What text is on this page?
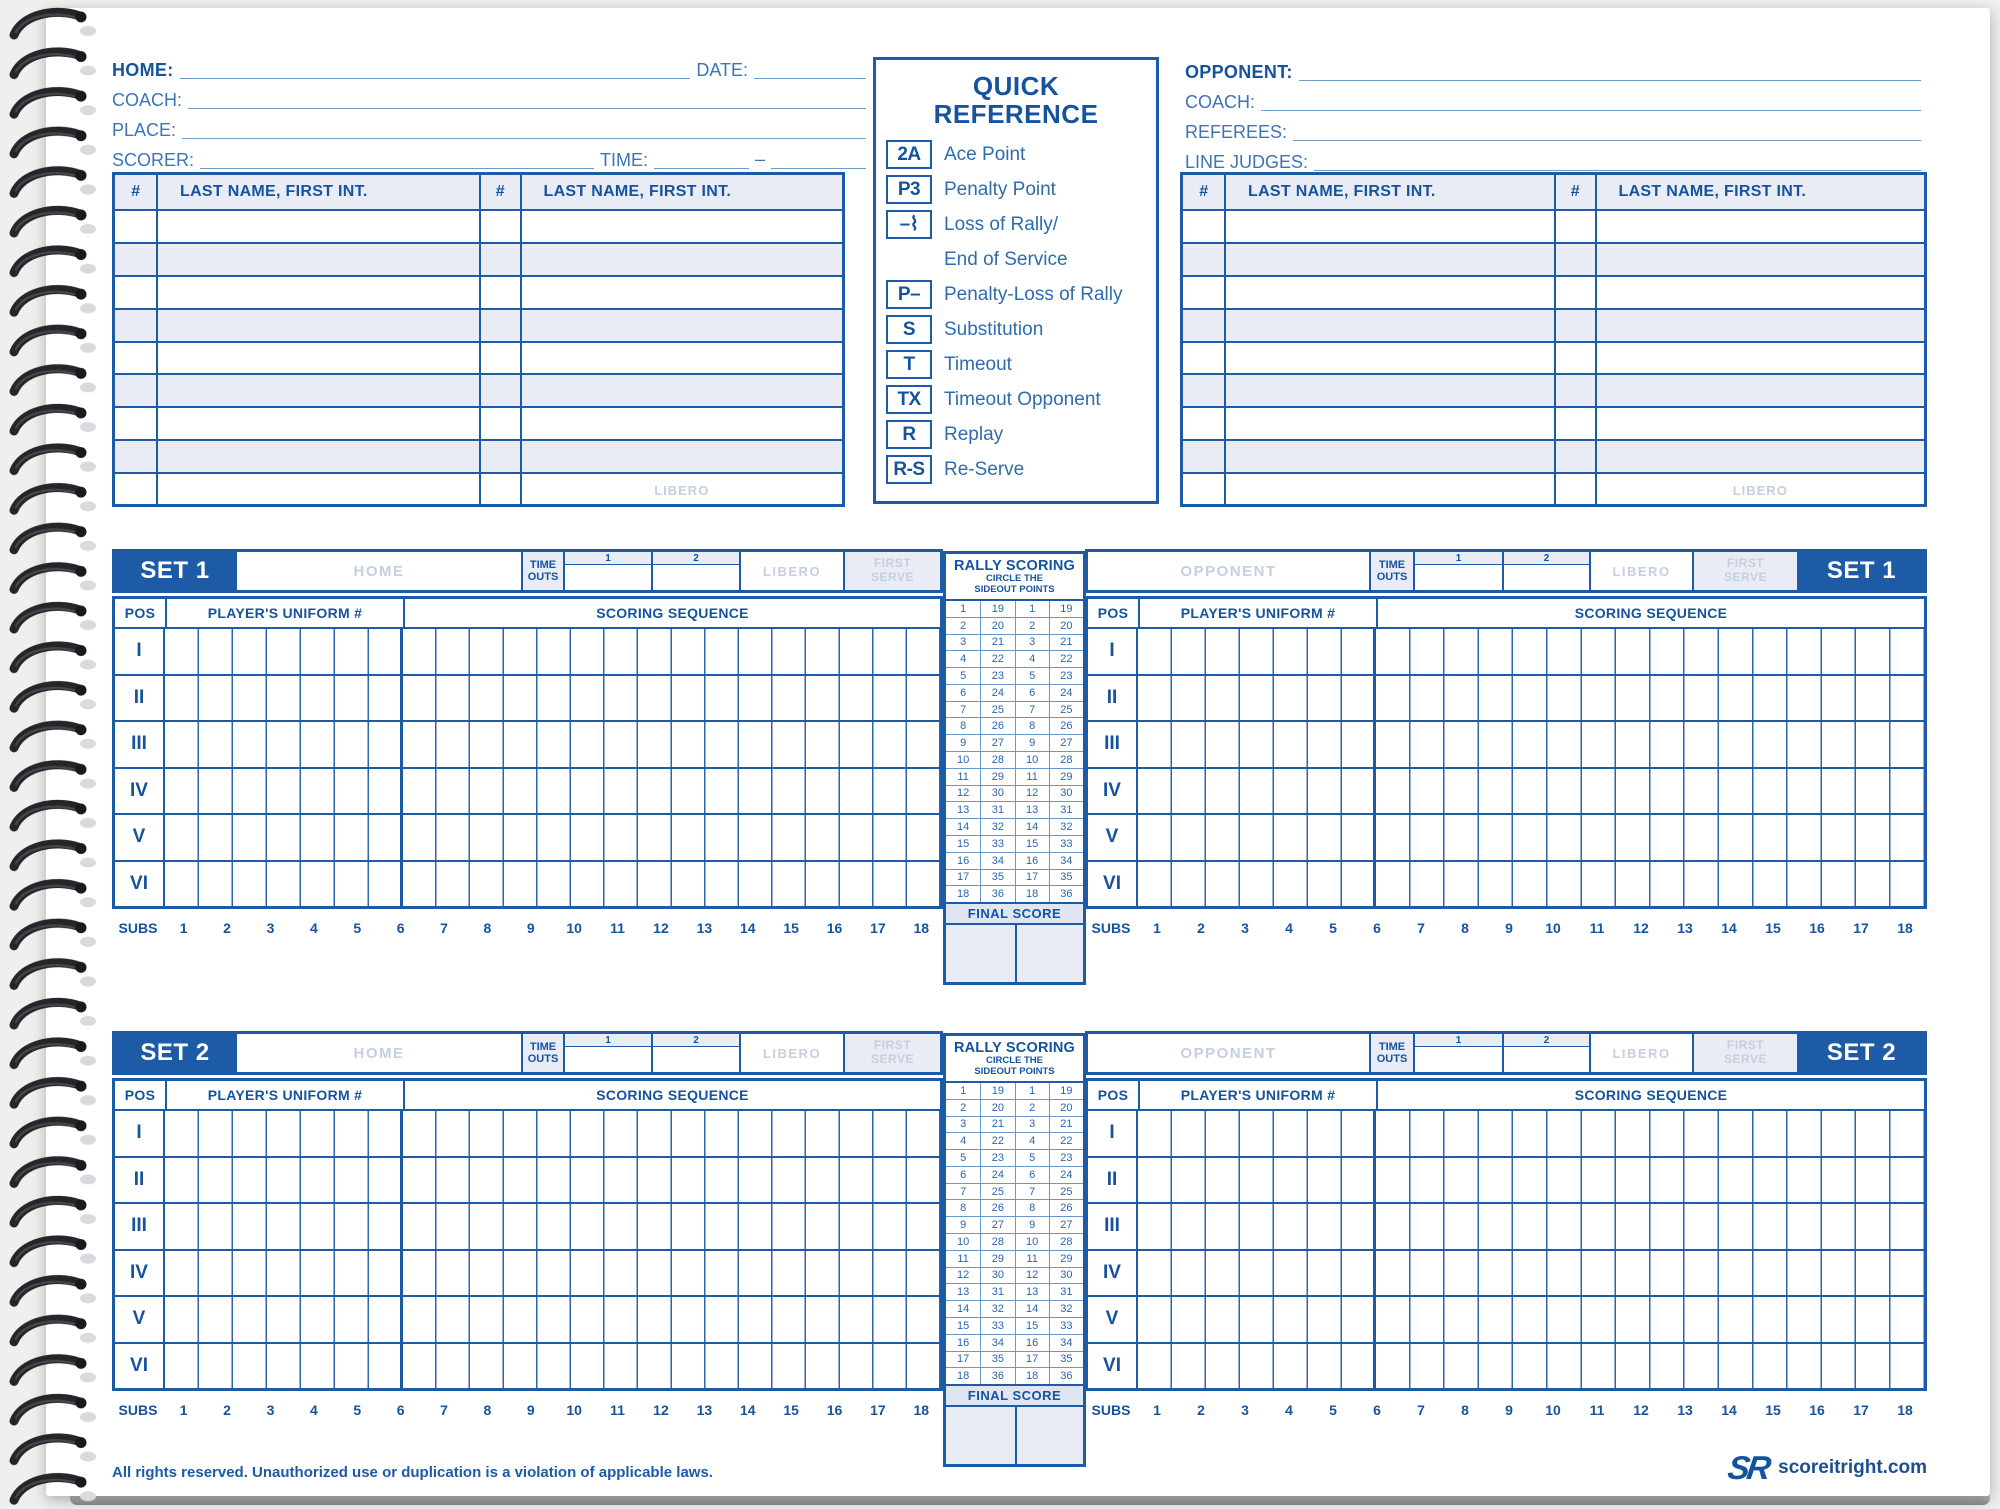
HOME:	DATE:
COACH:
PLACE:
SCORER:	TIME:	–
QUICK
REFERENCE
2A	Ace Point
P3	Penalty Point
–⌇	Loss of Rally/
End of Service
P–	Penalty-Loss of Rally
S	Substitution
T	Timeout
TX	Timeout Opponent
R	Replay
R-S	Re-Serve
OPPONENT:
COACH:
REFEREES:
LINE JUDGES:
#	LAST NAME, FIRST INT.	#	LAST NAME, FIRST INT.
LIBERO
#	LAST NAME, FIRST INT.	#	LAST NAME, FIRST INT.
LIBERO
SET 1	HOME	TIME
OUTS
1	2
LIBERO
FIRST
SERVE	OPPONENT	TIME
OUTS
1	2
LIBERO
FIRST
SERVE	SET 1
POS	PLAYER'S UNIFORM #	SCORING SEQUENCE
I
II
III
IV
V
VI
POS	PLAYER'S UNIFORM #	SCORING SEQUENCE
I
II
III
IV
V
VI
SUBS	1	2	3	4	5	6	7	8	9	10	11	12	13	14	15	16	17	18	SUBS	1	2	3	4	5	6	7	8	9	10	11	12	13	14	15	16	17	18
RALLY SCORING
CIRCLE THE
SIDEOUT POINTS
1	19	1	19
2	20	2	20
3	21	3	21
4	22	4	22
5	23	5	23
6	24	6	24
7	25	7	25
8	26	8	26
9	27	9	27
10	28	10	28
11	29	11	29
12	30	12	30
13	31	13	31
14	32	14	32
15	33	15	33
16	34	16	34
17	35	17	35
18	36	18	36
FINAL SCORE
SET 2	HOME	TIME
OUTS
1	2
LIBERO
FIRST
SERVE	OPPONENT	TIME
OUTS
1	2
LIBERO
FIRST
SERVE	SET 2
POS	PLAYER'S UNIFORM #	SCORING SEQUENCE
I
II
III
IV
V
VI
POS	PLAYER'S UNIFORM #	SCORING SEQUENCE
I
II
III
IV
V
VI
SUBS	1	2	3	4	5	6	7	8	9	10	11	12	13	14	15	16	17	18	SUBS	1	2	3	4	5	6	7	8	9	10	11	12	13	14	15	16	17	18
RALLY SCORING
CIRCLE THE
SIDEOUT POINTS
1	19	1	19
2	20	2	20
3	21	3	21
4	22	4	22
5	23	5	23
6	24	6	24
7	25	7	25
8	26	8	26
9	27	9	27
10	28	10	28
11	29	11	29
12	30	12	30
13	31	13	31
14	32	14	32
15	33	15	33
16	34	16	34
17	35	17	35
18	36	18	36
FINAL SCORE
All rights reserved. Unauthorized use or duplication is a violation of applicable laws.	SR scoreitright.com
